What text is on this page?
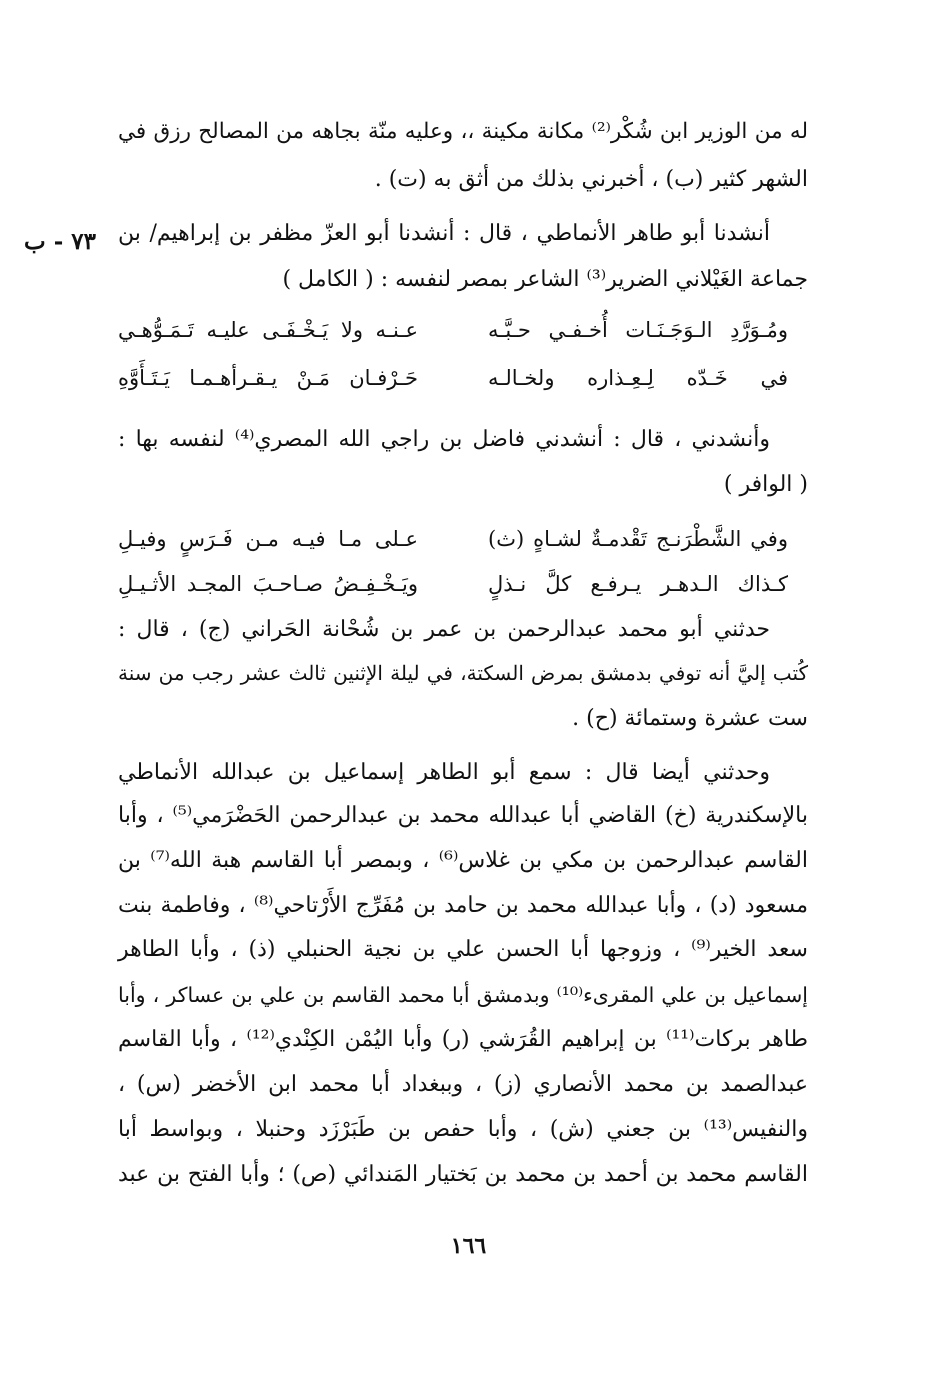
له من الوزير ابن شُكْر⁽²⁾ مكانة مكينة ،، وعليه منّة بجاهه من المصالح رزق في
الشهر كثير (ب) ، أخبرني بذلك من أثق به (ت) .
٧٣ - ب	أنشدنا أبو طاهر الأنماطي ، قال : أنشدنا أبو العزّ مظفر بن إبراهيم/ بن
جماعة الغَيْلاني الضرير⁽³⁾ الشاعر بمصر لنفسه : ( الكامل )
ومُـوَرَّدِ الـوَجَـنَـات أُخـفـي حـبَّـه
عـنـه ولا يَـخْـفَـى عليـه تَـمَـوُّهـي
في خَـدّه لِـعِـذاره ولخـالـه
حَـرْفـان مَـنْ يـقـرأهـمـا يَـتَـأَوَّهِ
وأنشدني ، قال : أنشدني فاضل بن راجي الله المصري⁽⁴⁾ لنفسه بها :
( الوافر )
وفي الشَّطْرَنـج تَقْدمـةٌ لشـاهٍ (ث)
عـلى مـا فيـه مـن فَـرَسٍ وفيـلِ
كـذاك الـدهـر يـرفـع كلَّ نـذلٍ
ويَـخْـفِـضُ صـاحـبَ المجـد الأثـيـلِ
حدثني أبو محمد عبدالرحمن بن عمر بن شُحْانة الحَراني (ج) ، قال :
كُتب إليَّ أنه توفي بدمشق بمرض السكتة، في ليلة الإثنين ثالث عشر رجب من سنة
ست عشرة وستمائة (ح) .
وحدثني أيضا قال : سمع أبو الطاهر إسماعيل بن عبدالله الأنماطي
بالإسكندرية (خ) القاضي أبا عبدالله محمد بن عبدالرحمن الحَضْرَمي⁽⁵⁾ ، وأبا
القاسم عبدالرحمن بن مكي بن غلاس⁽⁶⁾ ، وبمصر أبا القاسم هبة الله⁽⁷⁾ بن
مسعود (د) ، وأبا عبدالله محمد بن حامد بن مُفَرِّج الأَرْتاحي⁽⁸⁾ ، وفاطمة بنت
سعد الخير⁽⁹⁾ ، وزوجها أبا الحسن علي بن نجية الحنبلي (ذ) ، وأبا الطاهر
إسماعيل بن علي المقرىء⁽¹⁰⁾ وبدمشق أبا محمد القاسم بن علي بن عساكر ، وأبا
طاهر بركات⁽¹¹⁾ بن إبراهيم القُرَشي (ر) وأبا اليُمْن الكِنْدي⁽¹²⁾ ، وأبا القاسم
عبدالصمد بن محمد الأنصاري (ز) ، وببغداد أبا محمد ابن الأخضر (س) ،
والنفيس⁽¹³⁾ بن جعني (ش) ، وأبا حفص بن طَبَرْزَد وحنبلا ، وبواسط أبا
القاسم محمد بن أحمد بن محمد بن بَختيار المَندائي (ص) ؛ وأبا الفتح بن عبد
١٦٦
